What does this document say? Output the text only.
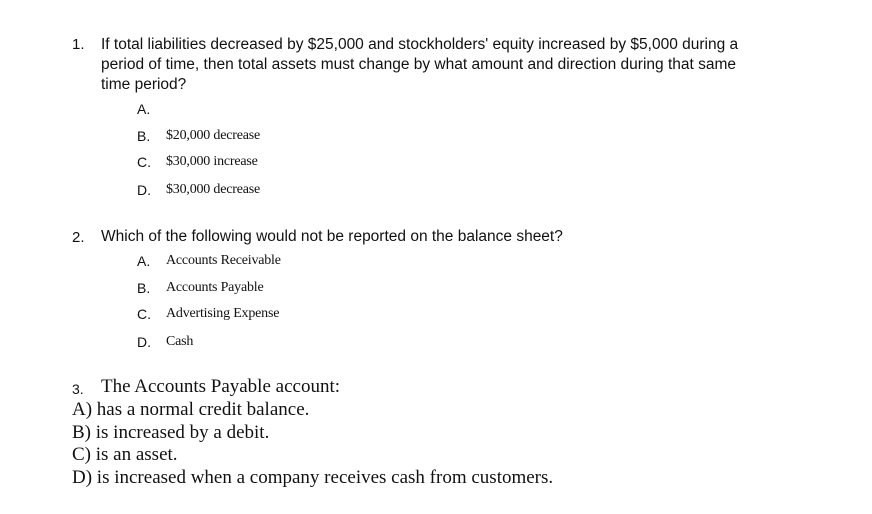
1. If total liabilities decreased by $25,000 and stockholders' equity increased by $5,000 during a
period of time, then total assets must change by what amount and direction during that same
time period?
A.
B. $20,000 decrease
C. $30,000 increase
D. $30,000 decrease
2. Which of the following would not be reported on the balance sheet?
A. Accounts Receivable
B. Accounts Payable
C. Advertising Expense
D. Cash
3. The Accounts Payable account:
A) has a normal credit balance.
B) is increased by a debit.
C) is an asset.
D) is increased when a company receives cash from customers.
